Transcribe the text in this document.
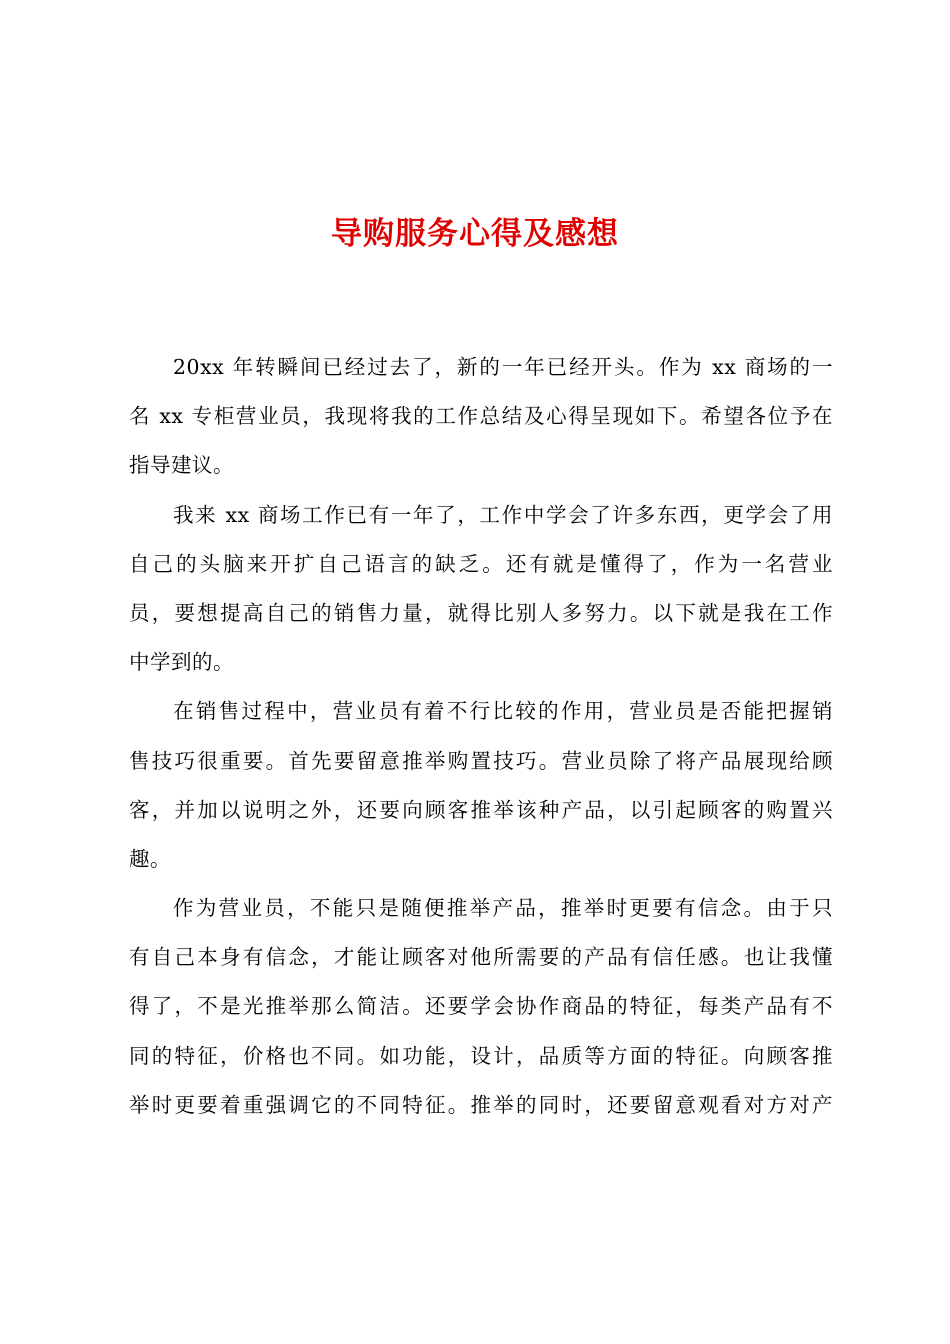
导购服务心得及感想
20xx 年转瞬间已经过去了，新的一年已经开头。作为 xx 商场的一
名 xx 专柜营业员，我现将我的工作总结及心得呈现如下。希望各位予在
指导建议。
我来 xx 商场工作已有一年了，工作中学会了许多东西，更学会了用
自己的头脑来开扩自己语言的缺乏。还有就是懂得了，作为一名营业
员，要想提高自己的销售力量，就得比别人多努力。以下就是我在工作
中学到的。
在销售过程中，营业员有着不行比较的作用，营业员是否能把握销
售技巧很重要。首先要留意推举购置技巧。营业员除了将产品展现给顾
客，并加以说明之外，还要向顾客推举该种产品，以引起顾客的购置兴
趣。
作为营业员，不能只是随便推举产品，推举时更要有信念。由于只
有自己本身有信念，才能让顾客对他所需要的产品有信任感。也让我懂
得了，不是光推举那么简洁。还要学会协作商品的特征，每类产品有不
同的特征，价格也不同。如功能，设计，品质等方面的特征。向顾客推
举时更要着重强调它的不同特征。推举的同时，还要留意观看对方对产
